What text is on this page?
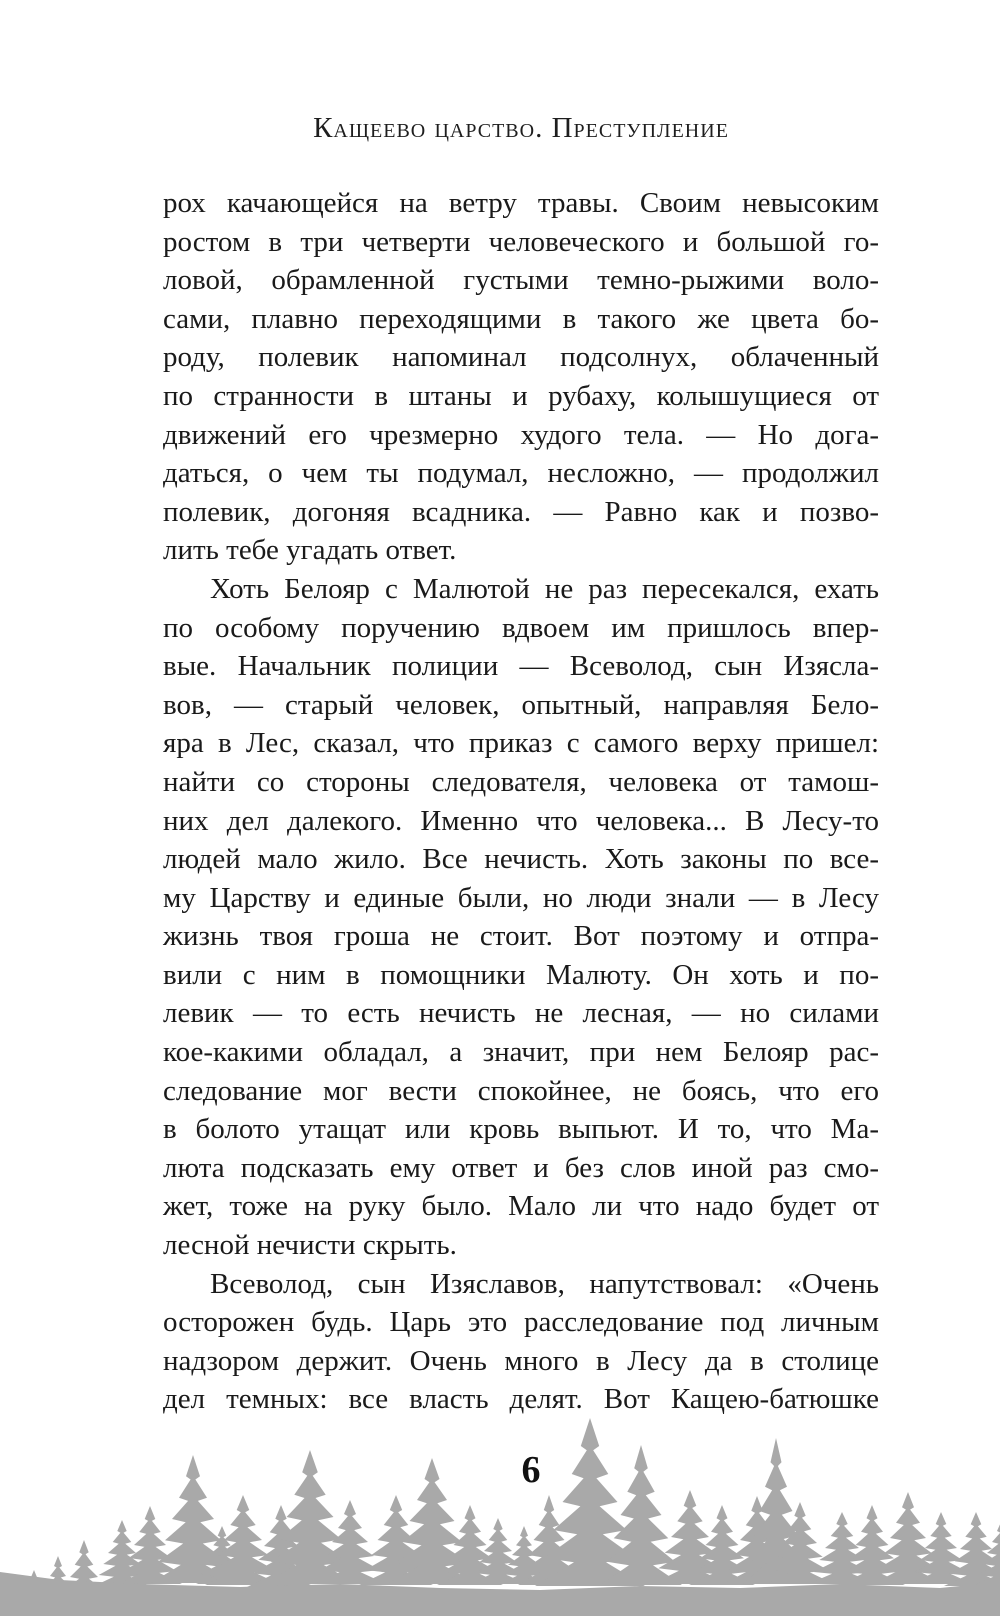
Кащеево царство. Преступление
рох качающейся на ветру травы. Своим невысоким
ростом в три четверти человеческого и большой го-
ловой, обрамленной густыми темно-рыжими воло-
сами, плавно переходящими в такого же цвета бо-
роду, полевик напоминал подсолнух, облаченный
по странности в штаны и рубаху, колышущиеся от
движений его чрезмерно худого тела. — Но дога-
даться, о чем ты подумал, несложно, — продолжил
полевик, догоняя всадника. — Равно как и позво-
лить тебе угадать ответ.
Хоть Белояр с Малютой не раз пересекался, ехать
по особому поручению вдвоем им пришлось впер-
вые. Начальник полиции — Всеволод, сын Изясла-
вов, — старый человек, опытный, направляя Бело-
яра в Лес, сказал, что приказ с самого верху пришел:
найти со стороны следователя, человека от тамош-
них дел далекого. Именно что человека... В Лесу-то
людей мало жило. Все нечисть. Хоть законы по все-
му Царству и единые были, но люди знали — в Лесу
жизнь твоя гроша не стоит. Вот поэтому и отпра-
вили с ним в помощники Малюту. Он хоть и по-
левик — то есть нечисть не лесная, — но силами
кое-какими обладал, а значит, при нем Белояр рас-
следование мог вести спокойнее, не боясь, что его
в болото утащат или кровь выпьют. И то, что Ма-
люта подсказать ему ответ и без слов иной раз смо-
жет, тоже на руку было. Мало ли что надо будет от
лесной нечисти скрыть.
Всеволод, сын Изяславов, напутствовал: «Очень
осторожен будь. Царь это расследование под личным
надзором держит. Очень много в Лесу да в столице
дел темных: все власть делят. Вот Кащею-батюшке
6
